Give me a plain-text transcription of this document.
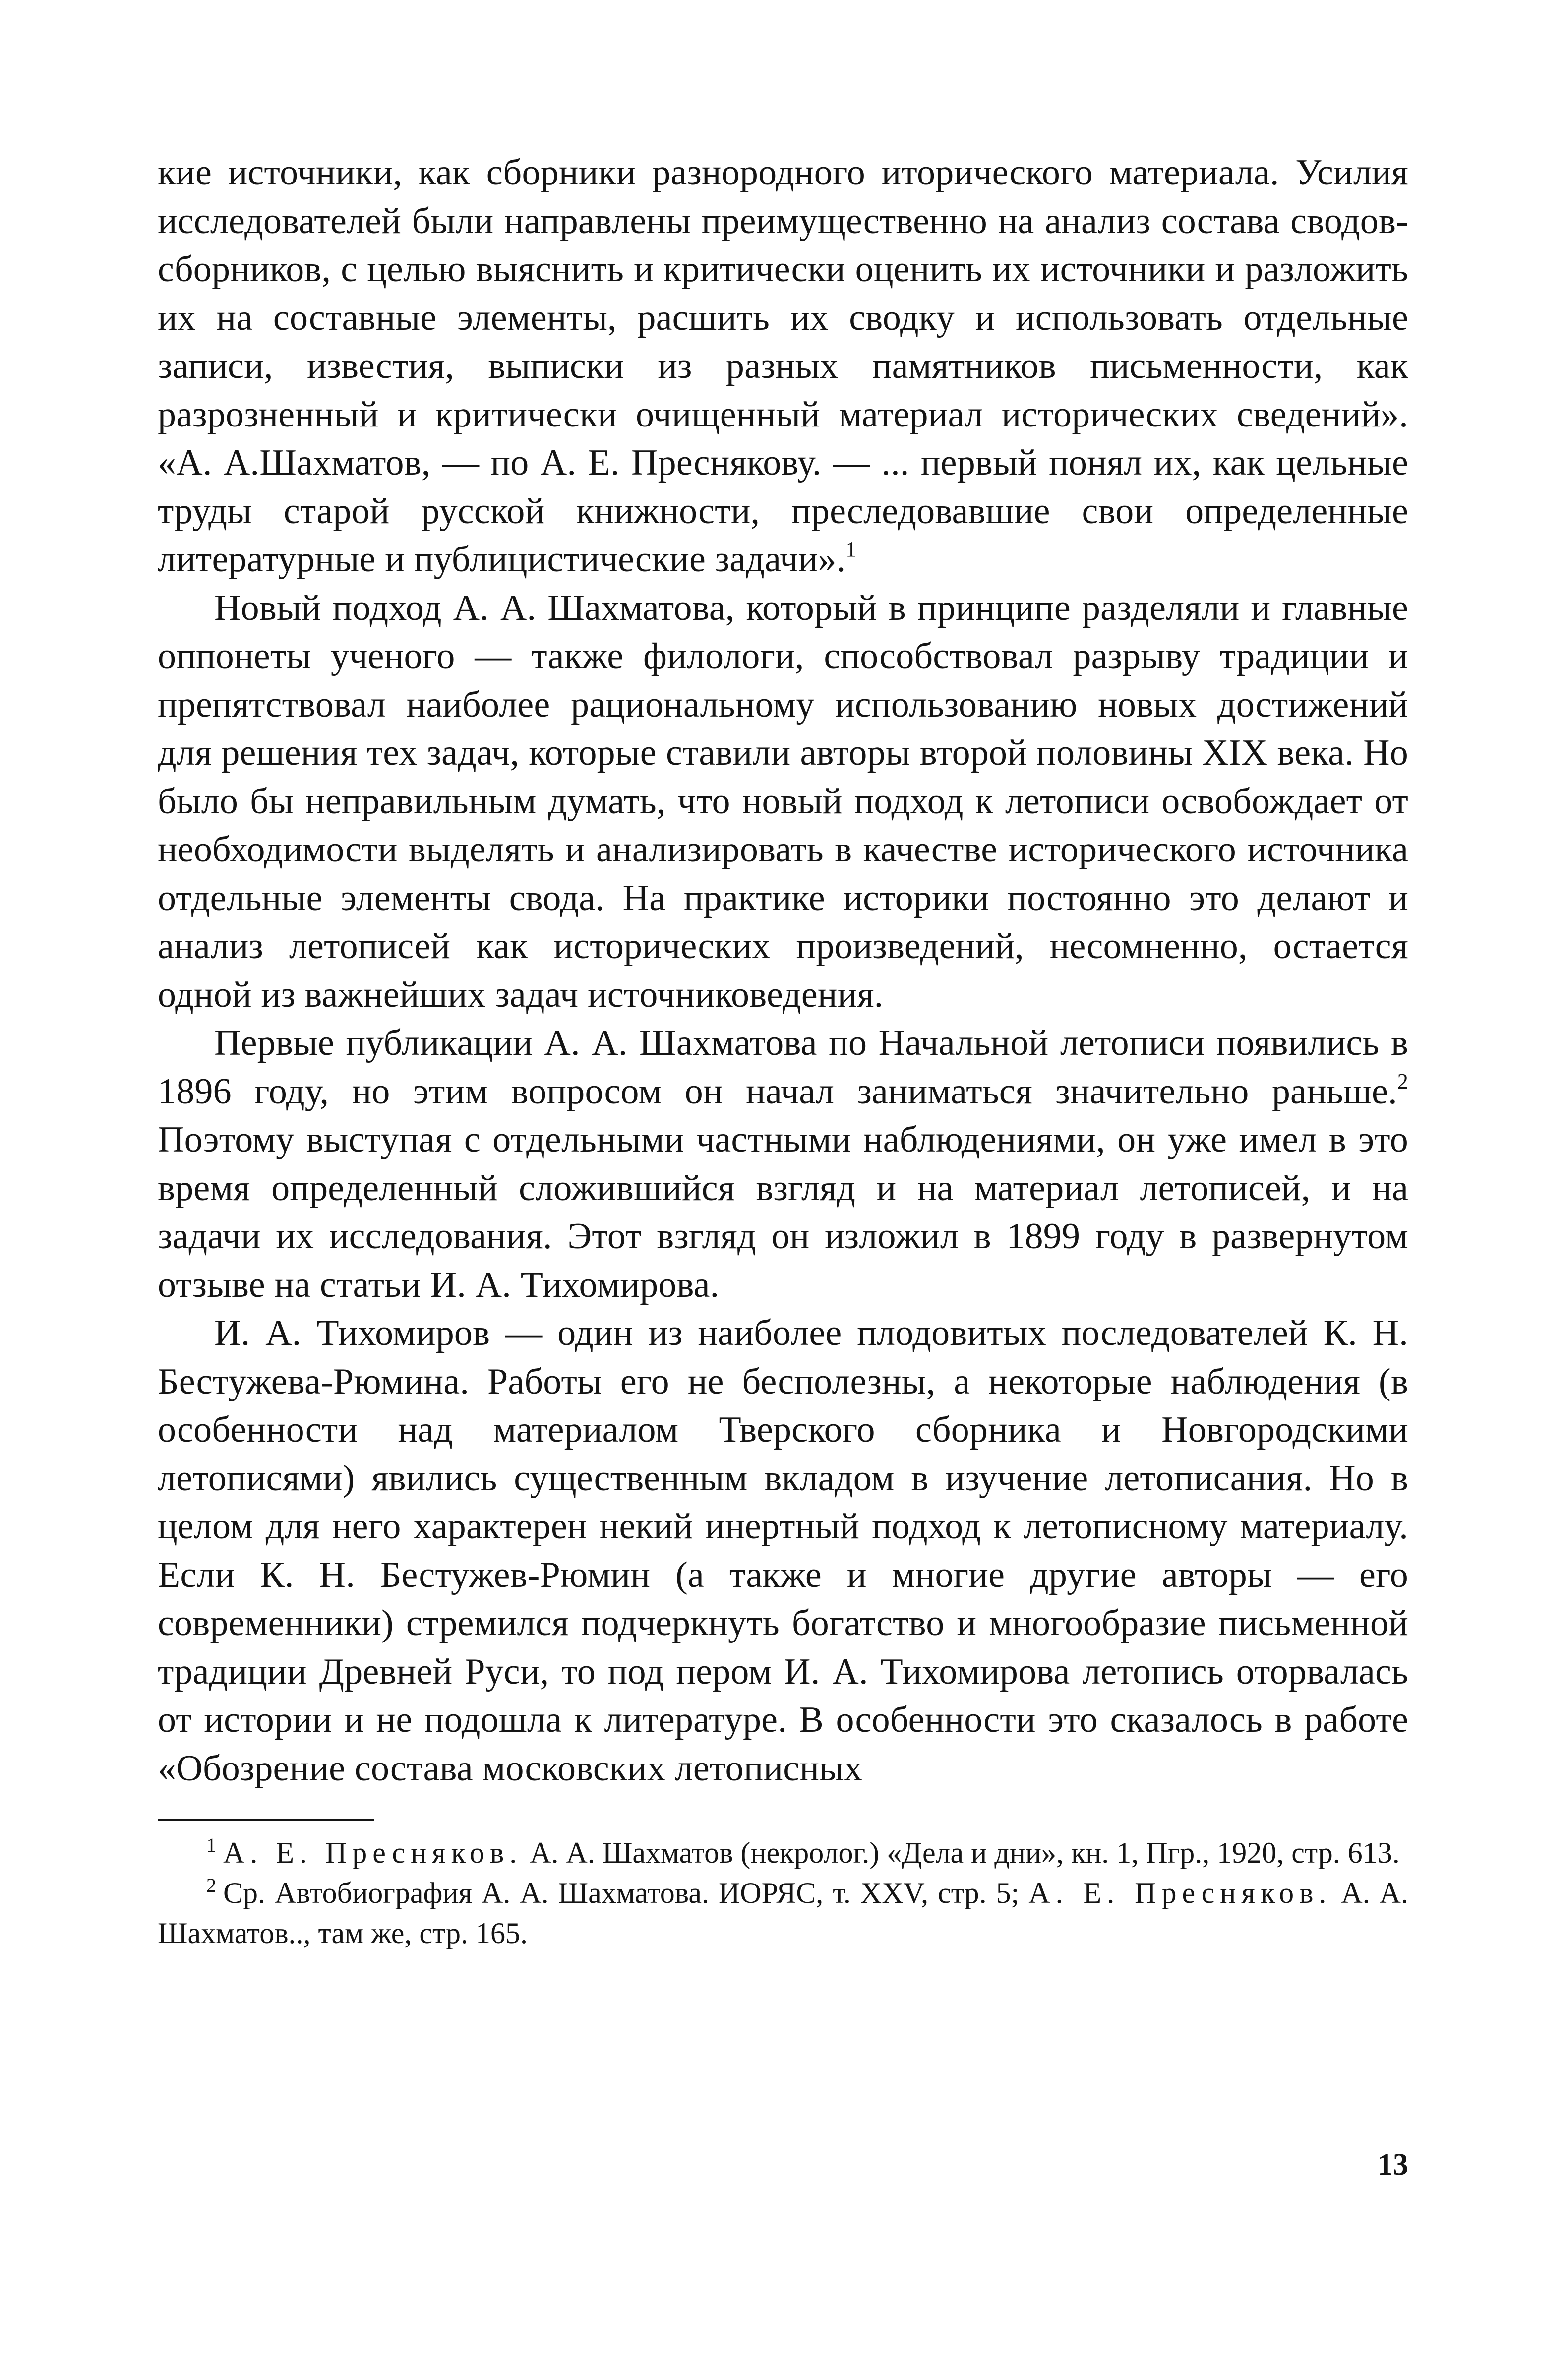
кие источники, как сборники разнородного иторического материала. Усилия исследователей были направлены преимущественно на анализ состава сводов-сборников, с целью выяснить и критически оценить их источники и разложить их на составные элементы, расшить их сводку и использовать отдельные записи, известия, выписки из разных памятников письменности, как разрозненный и критически очищенный материал исторических сведений». «А. А.Шахматов, — по А. Е. Преснякову. — ... первый понял их, как цельные труды старой русской книжности, преследовавшие свои определенные литературные и публицистические задачи».$^1$

Новый подход А. А. Шахматова, который в принципе разделяли и главные оппонеты ученого — также филологи, способствовал разрыву традиции и препятствовал наиболее рациональному использованию новых достижений для решения тех задач, которые ставили авторы второй половины XIX века. Но было бы неправильным думать, что новый подход к летописи освобождает от необходимости выделять и анализировать в качестве исторического источника отдельные элементы свода. На практике историки постоянно это делают и анализ летописей как исторических произведений, несомненно, остается одной из важнейших задач источниковедения.

Первые публикации А. А. Шахматова по Начальной летописи появились в 1896 году, но этим вопросом он начал заниматься значительно раньше.$^2$ Поэтому выступая с отдельными частными наблюдениями, он уже имел в это время определенный сложившийся взгляд и на материал летописей, и на задачи их исследования. Этот взгляд он изложил в 1899 году в развернутом отзыве на статьи И. А. Тихомирова.

И. А. Тихомиров — один из наиболее плодовитых последователей К. Н. Бестужева-Рюмина. Работы его не бесполезны, а некоторые наблюдения (в особенности над материалом Тверского сборника и Новгородскими летописями) явились существенным вкладом в изучение летописания. Но в целом для него характерен некий инертный подход к летописному материалу. Если К. Н. Бестужев-Рюмин (а также и многие другие авторы — его современники) стремился подчеркнуть богатство и многообразие письменной традиции Древней Руси, то под пером И. А. Тихомирова летопись оторвалась от истории и не подошла к литературе. В особенности это сказалось в работе «Обозрение состава московских летописных

$^1$ А. Е. Пресняков. А. А. Шахматов (некролог.) «Дела и дни», кн. 1, Пгр., 1920, стр. 613.

$^2$ Ср. Автобиография А. А. Шахматова. ИОРЯС, т. XXV, стр. 5; А. Е. Пресняков. А. А. Шахматов.., там же, стр. 165.

13
